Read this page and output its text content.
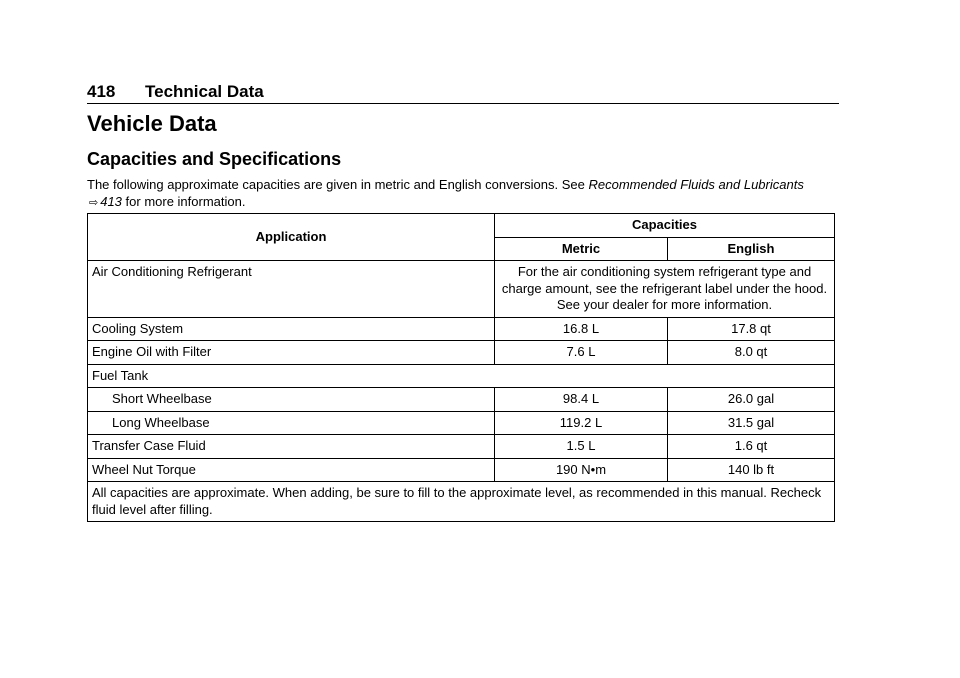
418 Technical Data
Vehicle Data
Capacities and Specifications
The following approximate capacities are given in metric and English conversions. See Recommended Fluids and Lubricants ⇨ 413 for more information.
Application	Capacities	
	Metric	English
Air Conditioning Refrigerant	For the air conditioning system refrigerant type and charge amount, see the refrigerant label under the hood. See your dealer for more information.	
Cooling System	16.8 L	17.8 qt
Engine Oil with Filter	7.6 L	8.0 qt
Fuel Tank		
Short Wheelbase	98.4 L	26.0 gal
Long Wheelbase	119.2 L	31.5 gal
Transfer Case Fluid	1.5 L	1.6 qt
Wheel Nut Torque	190 N•m	140 lb ft
All capacities are approximate. When adding, be sure to fill to the approximate level, as recommended in this manual. Recheck fluid level after filling.		
